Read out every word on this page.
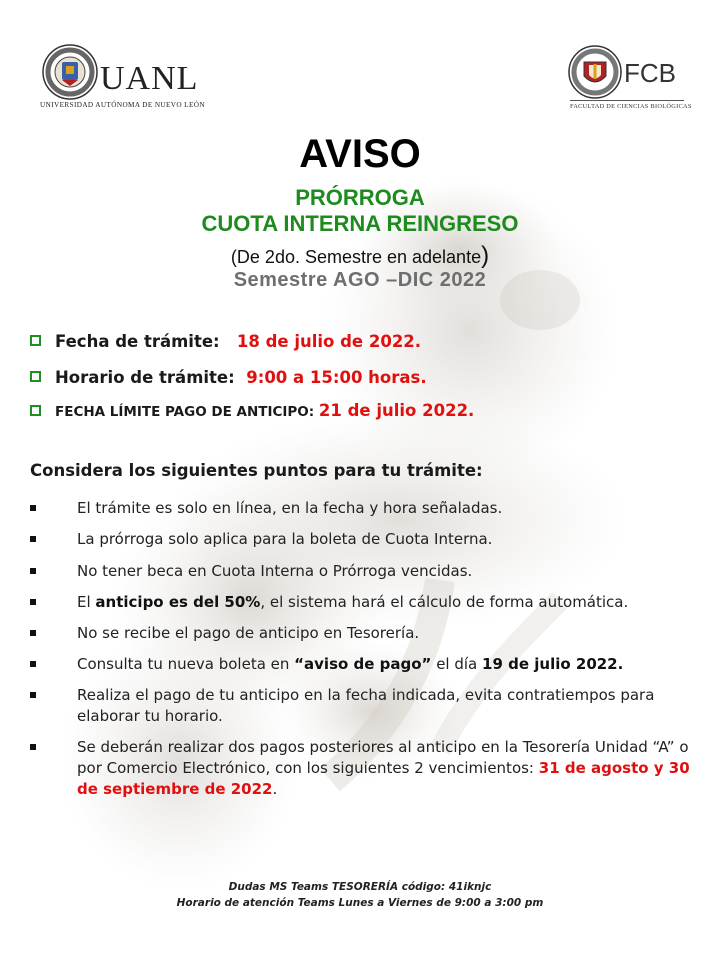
UANL
UNIVERSIDAD AUTÓNOMA DE NUEVO LEÓN
FCB
FACULTAD DE CIENCIAS BIOLÓGICAS
AVISO
PRÓRROGA
CUOTA INTERNA REINGRESO
(De 2do. Semestre en adelante)
Semestre AGO –DIC 2022
Fecha de trámite: 18 de julio de 2022.
Horario de trámite: 9:00 a 15:00 horas.
FECHA LÍMITE PAGO DE ANTICIPO: 21 de julio 2022.
Considera los siguientes puntos para tu trámite:
El trámite es solo en línea, en la fecha y hora señaladas.
La prórroga solo aplica para la boleta de Cuota Interna.
No tener beca en Cuota Interna o Prórroga vencidas.
El anticipo es del 50%, el sistema hará el cálculo de forma automática.
No se recibe el pago de anticipo en Tesorería.
Consulta tu nueva boleta en “aviso de pago” el día 19 de julio 2022.
Realiza el pago de tu anticipo en la fecha indicada, evita contratiempos para elaborar tu horario.
Se deberán realizar dos pagos posteriores al anticipo en la Tesorería Unidad “A” o por Comercio Electrónico, con los siguientes 2 vencimientos: 31 de agosto y 30 de septiembre de 2022.
Dudas MS Teams TESORERÍA código: 41iknjc
Horario de atención Teams Lunes a Viernes de 9:00 a 3:00 pm
